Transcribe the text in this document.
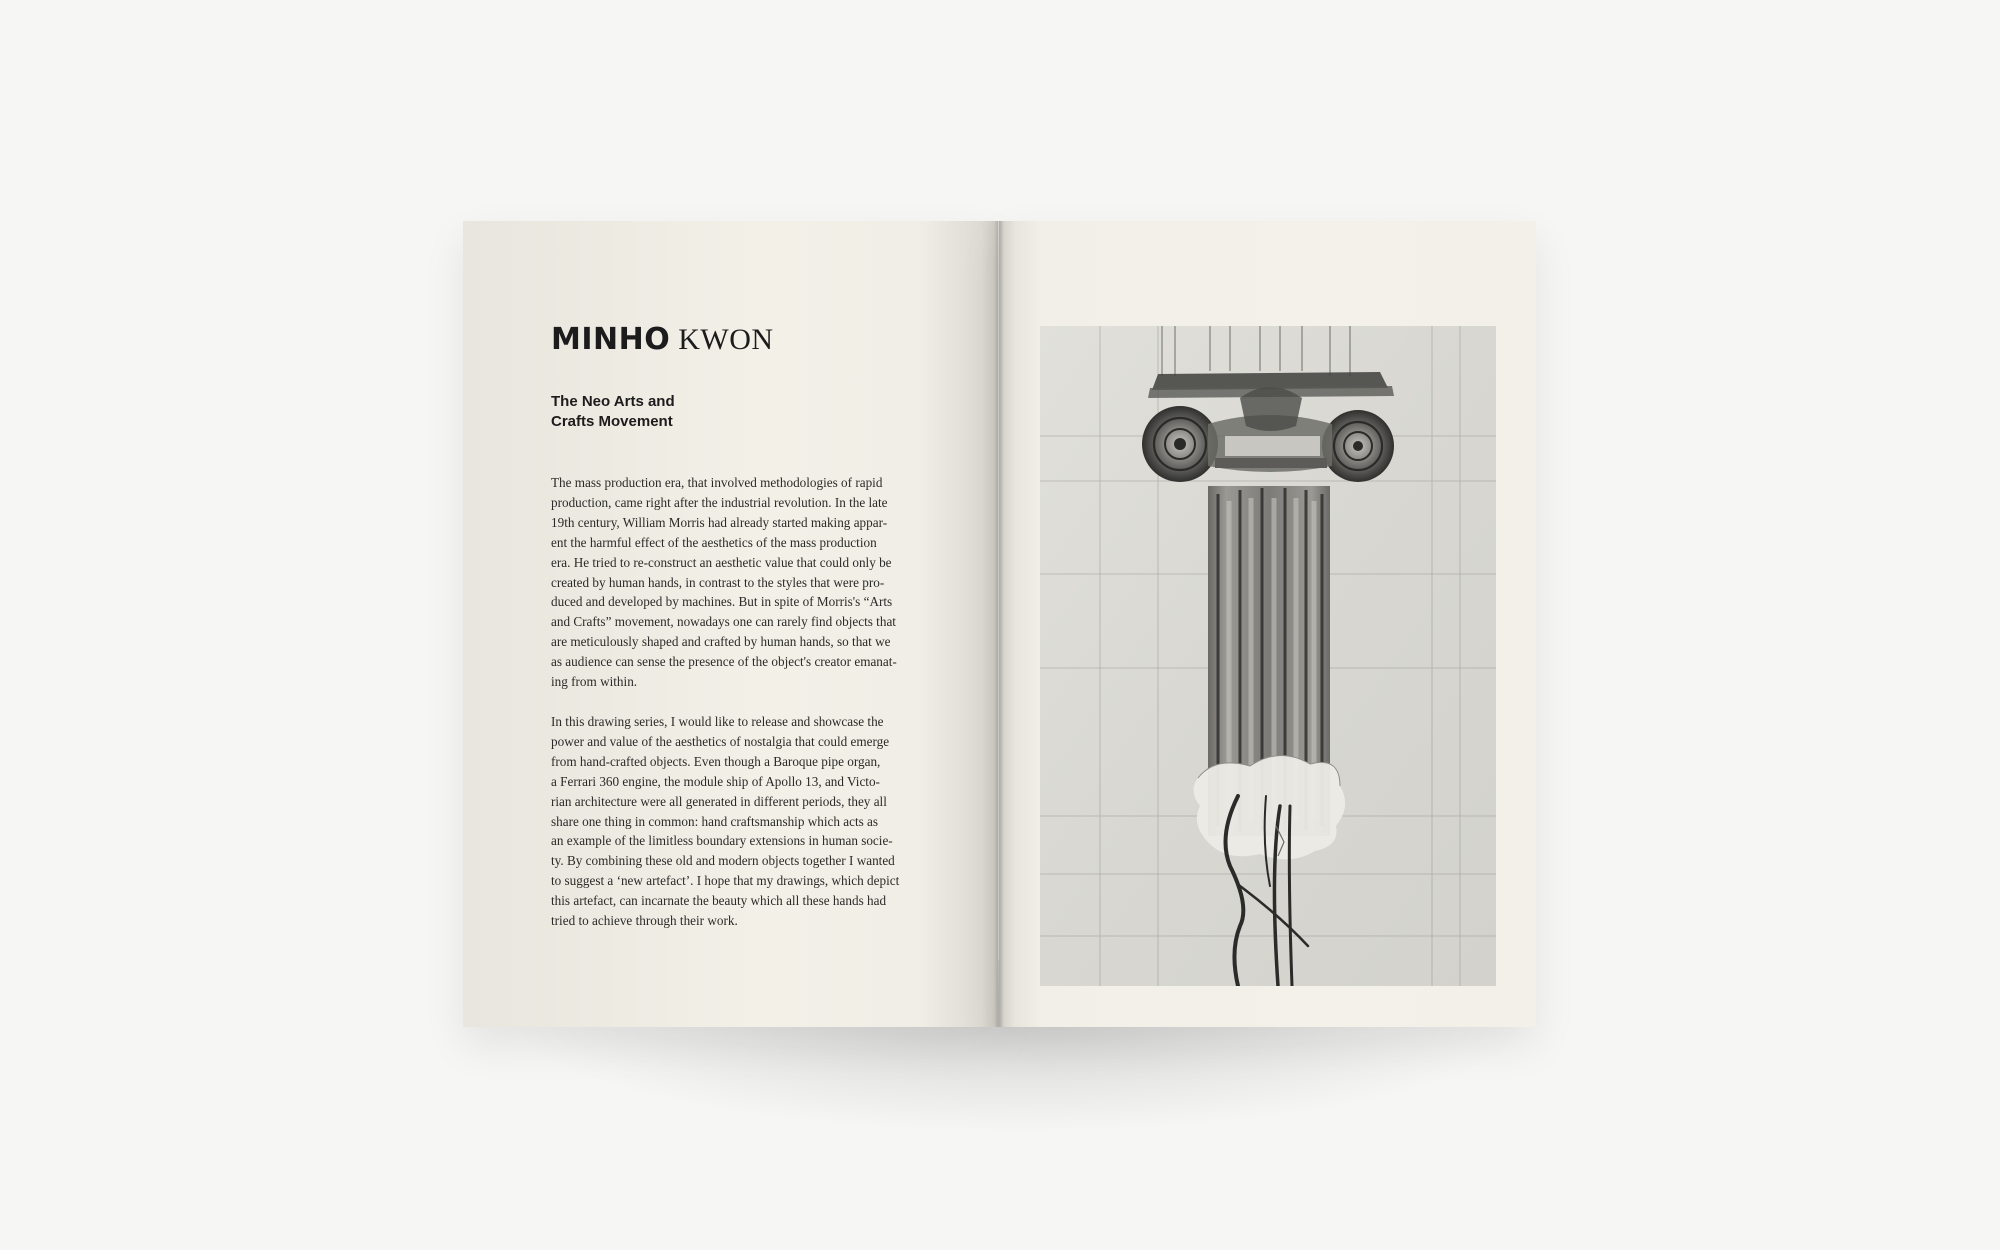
MINHO KWON
The Neo Arts and
Crafts Movement
The mass production era, that involved methodologies of rapid
production, came right after the industrial revolution. In the late
19th century, William Morris had already started making appar-
ent the harmful effect of the aesthetics of the mass production
era. He tried to re-construct an aesthetic value that could only be
created by human hands, in contrast to the styles that were pro-
duced and developed by machines. But in spite of Morris's “Arts
and Crafts” movement, nowadays one can rarely find objects that
are meticulously shaped and crafted by human hands, so that we
as audience can sense the presence of the object's creator emanat-
ing from within.
In this drawing series, I would like to release and showcase the
power and value of the aesthetics of nostalgia that could emerge
from hand-crafted objects. Even though a Baroque pipe organ,
a Ferrari 360 engine, the module ship of Apollo 13, and Victo-
rian architecture were all generated in different periods, they all
share one thing in common: hand craftsmanship which acts as
an example of the limitless boundary extensions in human socie-
ty. By combining these old and modern objects together I wanted
to suggest a ‘new artefact’. I hope that my drawings, which depict
this artefact, can incarnate the beauty which all these hands had
tried to achieve through their work.
